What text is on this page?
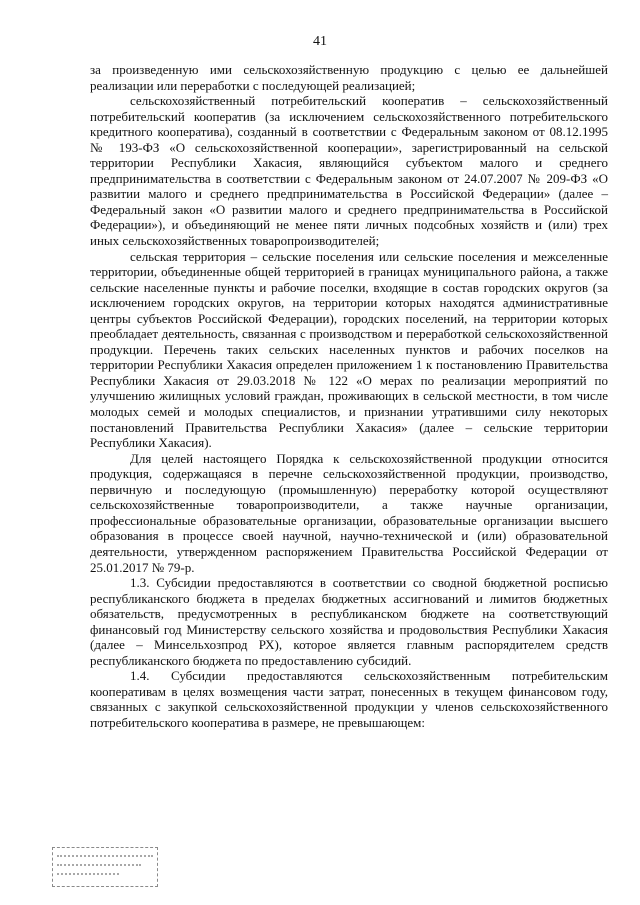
41

за произведенную ими сельскохозяйственную продукцию с целью ее дальнейшей реализации или переработки с последующей реализацией;

сельскохозяйственный потребительский кооператив – сельскохозяйственный потребительский кооператив (за исключением сельскохозяйственного потребительского кредитного кооператива), созданный в соответствии с Федеральным законом от 08.12.1995 № 193-ФЗ «О сельскохозяйственной кооперации», зарегистрированный на сельской территории Республики Хакасия, являющийся субъектом малого и среднего предпринимательства в соответствии с Федеральным законом от 24.07.2007 № 209-ФЗ «О развитии малого и среднего предпринимательства в Российской Федерации» (далее – Федеральный закон «О развитии малого и среднего предпринимательства в Российской Федерации»), и объединяющий не менее пяти личных подсобных хозяйств и (или) трех иных сельскохозяйственных товаропроизводителей;

сельская территория – сельские поселения или сельские поселения и межселенные территории, объединенные общей территорией в границах муниципального района, а также сельские населенные пункты и рабочие поселки, входящие в состав городских округов (за исключением городских округов, на территории которых находятся административные центры субъектов Российской Федерации), городских поселений, на территории которых преобладает деятельность, связанная с производством и переработкой сельскохозяйственной продукции. Перечень таких сельских населенных пунктов и рабочих поселков на территории Республики Хакасия определен приложением 1 к постановлению Правительства Республики Хакасия от 29.03.2018 № 122 «О мерах по реализации мероприятий по улучшению жилищных условий граждан, проживающих в сельской местности, в том числе молодых семей и молодых специалистов, и признании утратившими силу некоторых постановлений Правительства Республики Хакасия» (далее – сельские территории Республики Хакасия).

Для целей настоящего Порядка к сельскохозяйственной продукции относится продукция, содержащаяся в перечне сельскохозяйственной продукции, производство, первичную и последующую (промышленную) переработку которой осуществляют сельскохозяйственные товаропроизводители, а также научные организации, профессиональные образовательные организации, образовательные организации высшего образования в процессе своей научной, научно-технической и (или) образовательной деятельности, утвержденном распоряжением Правительства Российской Федерации от 25.01.2017 № 79-р.

1.3. Субсидии предоставляются в соответствии со сводной бюджетной росписью республиканского бюджета в пределах бюджетных ассигнований и лимитов бюджетных обязательств, предусмотренных в республиканском бюджете на соответствующий финансовый год Министерству сельского хозяйства и продовольствия Республики Хакасия (далее – Минсельхозпрод РХ), которое является главным распорядителем средств республиканского бюджета по предоставлению субсидий.

1.4. Субсидии предоставляются сельскохозяйственным потребительским кооперативам в целях возмещения части затрат, понесенных в текущем финансовом году, связанных с закупкой сельскохозяйственной продукции у членов сельскохозяйственного потребительского кооператива в размере, не превышающем:
